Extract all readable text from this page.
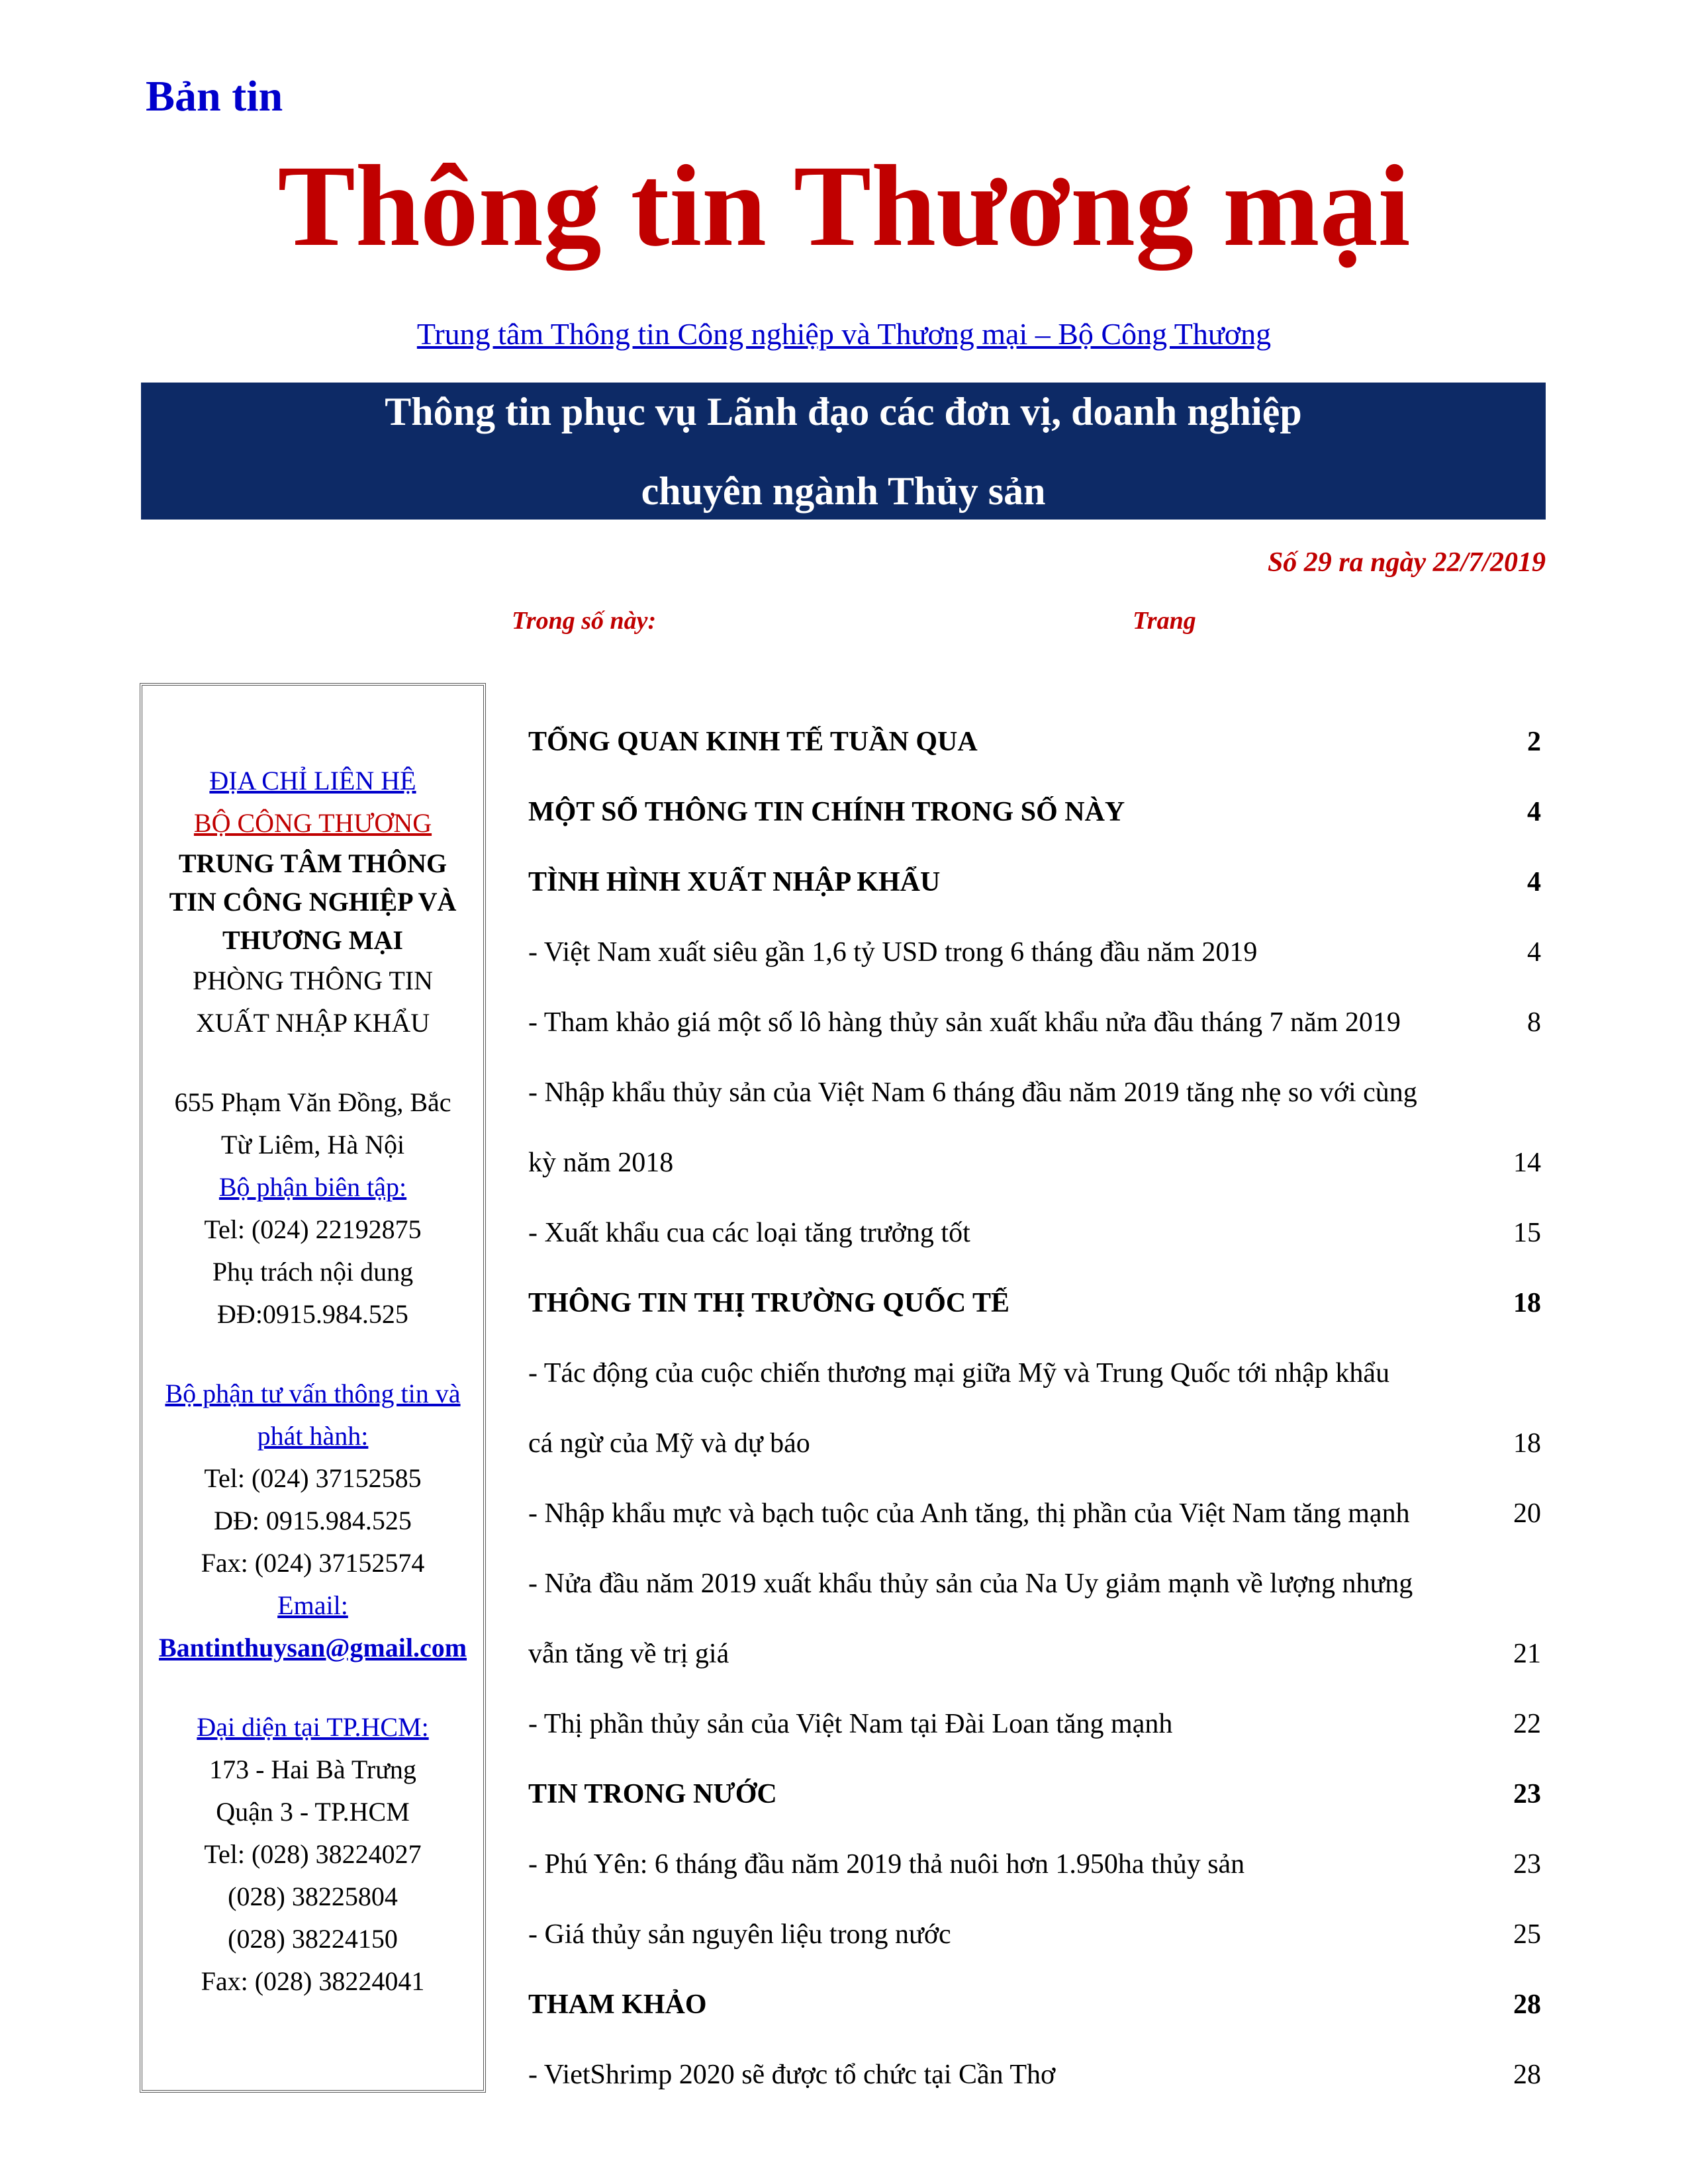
Bản tin
Thông tin Thương mại
Trung tâm Thông tin Công nghiệp và Thương mại – Bộ Công Thương
Thông tin phục vụ Lãnh đạo các đơn vị, doanh nghiệp
chuyên ngành Thủy sản
Số 29 ra ngày 22/7/2019
Trong số này:	Trang
ĐỊA CHỈ LIÊN HỆ
BỘ CÔNG THƯƠNG
TRUNG TÂM THÔNG
TIN CÔNG NGHIỆP VÀ
THƯƠNG MẠI
PHÒNG THÔNG TIN
XUẤT NHẬP KHẨU
655 Phạm Văn Đồng, Bắc
Từ Liêm, Hà Nội
Bộ phận biên tập:
Tel: (024) 22192875
Phụ trách nội dung
ĐĐ:0915.984.525
Bộ phận tư vấn thông tin và
phát hành:
Tel: (024) 37152585
DĐ: 0915.984.525
Fax: (024) 37152574
Email:
Bantinthuysan@gmail.com
Đại diện tại TP.HCM:
173 - Hai Bà Trưng
Quận 3 - TP.HCM
Tel: (028) 38224027
(028) 38225804
(028) 38224150
Fax: (028) 38224041
TỔNG QUAN KINH TẾ TUẦN QUA	2
MỘT SỐ THÔNG TIN CHÍNH TRONG SỐ NÀY	4
TÌNH HÌNH XUẤT NHẬP KHẨU	4
- Việt Nam xuất siêu gần 1,6 tỷ USD trong 6 tháng đầu năm 2019	4
- Tham khảo giá một số lô hàng thủy sản xuất khẩu nửa đầu tháng 7 năm 2019	8
- Nhập khẩu thủy sản của Việt Nam 6 tháng đầu năm 2019 tăng nhẹ so với cùng
kỳ năm 2018	14
- Xuất khẩu cua các loại tăng trưởng tốt	15
THÔNG TIN THỊ TRƯỜNG QUỐC TẾ	18
- Tác động của cuộc chiến thương mại giữa Mỹ và Trung Quốc tới nhập khẩu
cá ngừ của Mỹ và dự báo	18
- Nhập khẩu mực và bạch tuộc của Anh tăng, thị phần của Việt Nam tăng mạnh	20
- Nửa đầu năm 2019 xuất khẩu thủy sản của Na Uy giảm mạnh về lượng nhưng
vẫn tăng về trị giá	21
- Thị phần thủy sản của Việt Nam tại Đài Loan tăng mạnh	22
TIN TRONG NƯỚC	23
- Phú Yên: 6 tháng đầu năm 2019 thả nuôi hơn 1.950ha thủy sản	23
- Giá thủy sản nguyên liệu trong nước	25
THAM KHẢO	28
- VietShrimp 2020 sẽ được tổ chức tại Cần Thơ	28
